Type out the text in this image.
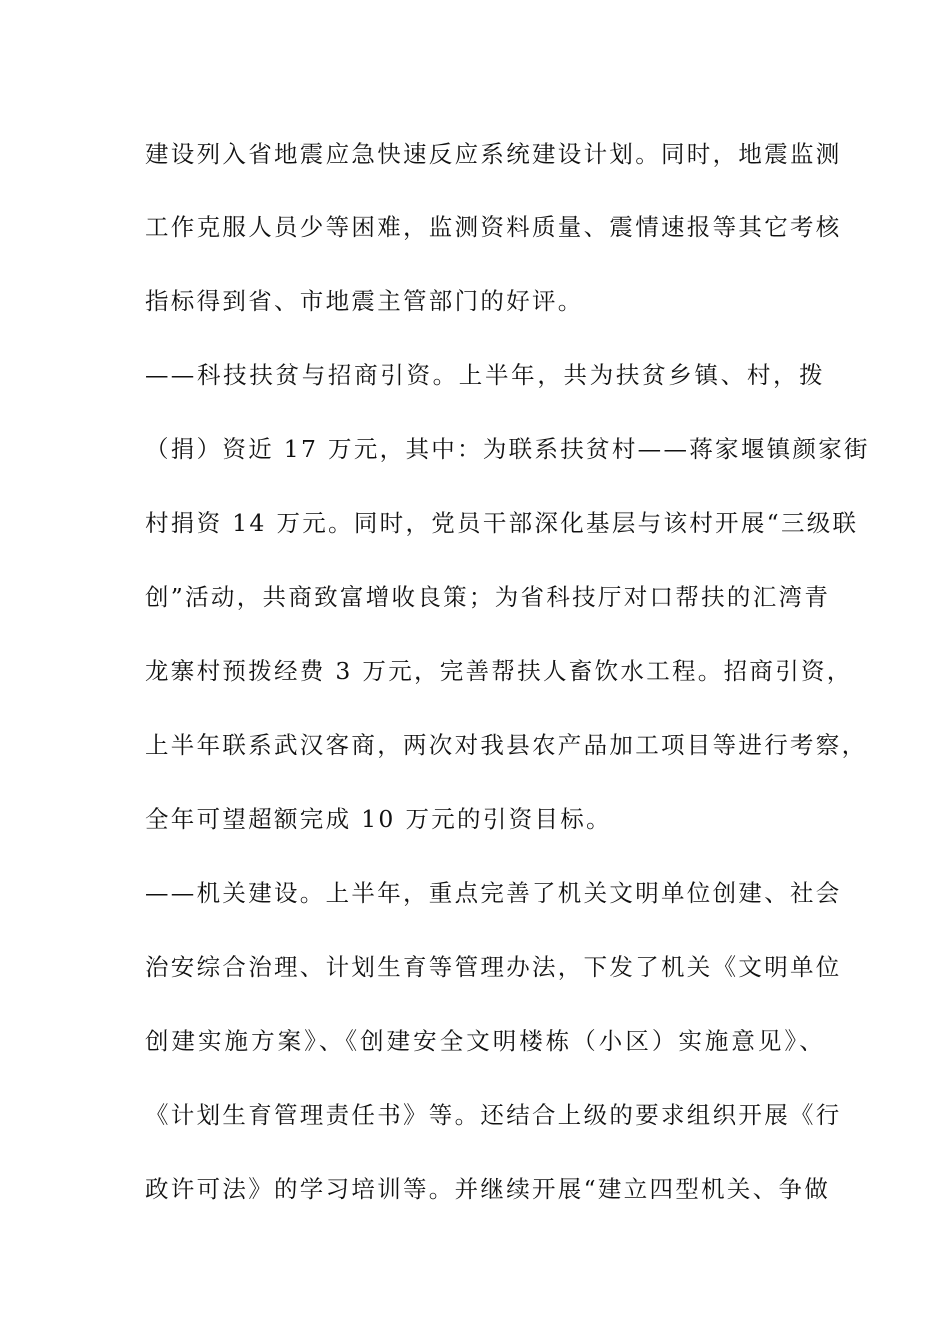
建设列入省地震应急快速反应系统建设计划。同时，地震监测
工作克服人员少等困难，监测资料质量、震情速报等其它考核
指标得到省、市地震主管部门的好评。
——科技扶贫与招商引资。上半年，共为扶贫乡镇、村，拨
（捐）资近 17 万元，其中：为联系扶贫村——蒋家堰镇颜家街
村捐资 14 万元。同时，党员干部深化基层与该村开展“三级联
创”活动，共商致富增收良策；为省科技厅对口帮扶的汇湾青
龙寨村预拨经费 3 万元，完善帮扶人畜饮水工程。招商引资，
上半年联系武汉客商，两次对我县农产品加工项目等进行考察，
全年可望超额完成 10 万元的引资目标。
——机关建设。上半年，重点完善了机关文明单位创建、社会
治安综合治理、计划生育等管理办法，下发了机关《文明单位
创建实施方案》、《创建安全文明楼栋（小区）实施意见》、
《计划生育管理责任书》等。还结合上级的要求组织开展《行
政许可法》的学习培训等。并继续开展“建立四型机关、争做
